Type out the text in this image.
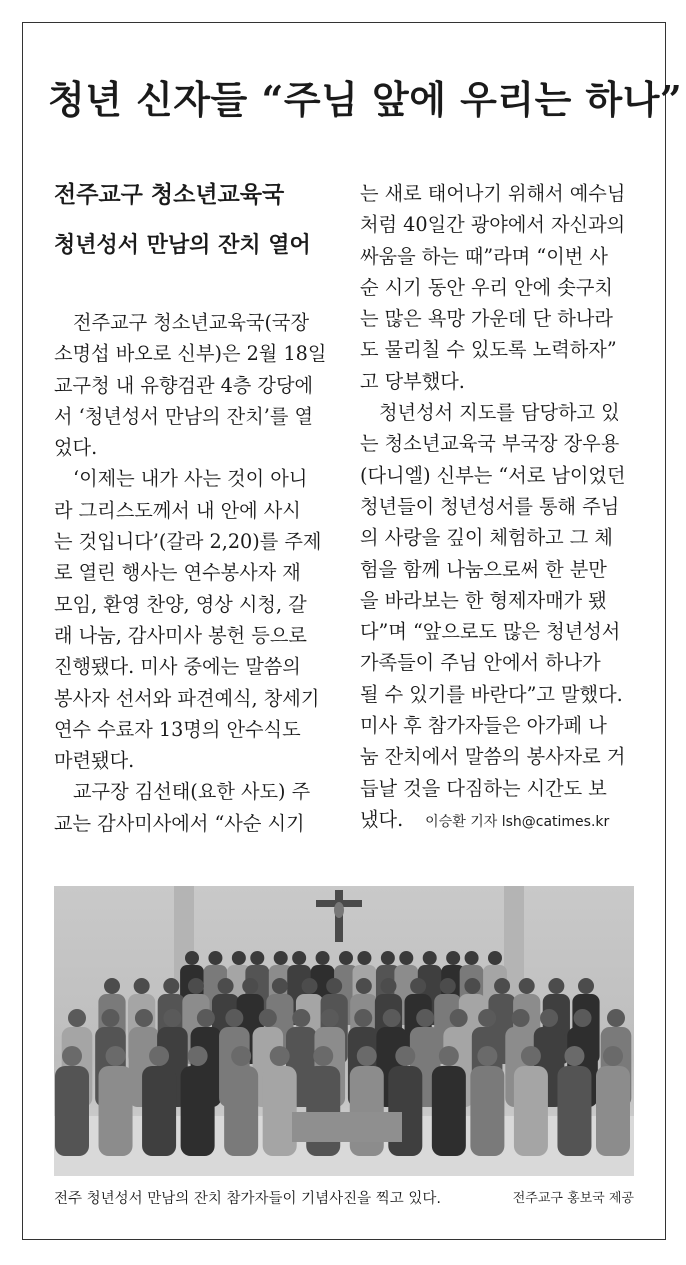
청년 신자들 “주님 앞에 우리는 하나”
전주교구 청소년교육국
청년성서 만남의 잔치 열어

전주교구 청소년교육국(국장

소명섭 바오로 신부)은 2월 18일

교구청 내 유향검관 4층 강당에

서 ‘청년성서 만남의 잔치’를 열

었다.

‘이제는 내가 사는 것이 아니

라 그리스도께서 내 안에 사시

는 것입니다’(갈라 2,20)를 주제

로 열린 행사는 연수봉사자 재

모임, 환영 찬양, 영상 시청, 갈

래 나눔, 감사미사 봉헌 등으로

진행됐다. 미사 중에는 말씀의

봉사자 선서와 파견예식, 창세기

연수 수료자 13명의 안수식도

마련됐다.

교구장 김선태(요한 사도) 주

교는 감사미사에서 “사순 시기

는 새로 태어나기 위해서 예수님

처럼 40일간 광야에서 자신과의

싸움을 하는 때”라며 “이번 사

순 시기 동안 우리 안에 솟구치

는 많은 욕망 가운데 단 하나라

도 물리칠 수 있도록 노력하자”

고 당부했다.

청년성서 지도를 담당하고 있

는 청소년교육국 부국장 장우용

(다니엘) 신부는 “서로 남이었던

청년들이 청년성서를 통해 주님

의 사랑을 깊이 체험하고 그 체

험을 함께 나눔으로써 한 분만

을 바라보는 한 형제자매가 됐

다”며 “앞으로도 많은 청년성서

가족들이 주님 안에서 하나가

될 수 있기를 바란다”고 말했다.

미사 후 참가자들은 아가페 나

눔 잔치에서 말씀의 봉사자로 거

듭날 것을 다짐하는 시간도 보

냈다. 이승환 기자 lsh@catimes.kr

전주 청년성서 만남의 잔치 참가자들이 기념사진을 찍고 있다.	전주교구 홍보국 제공
